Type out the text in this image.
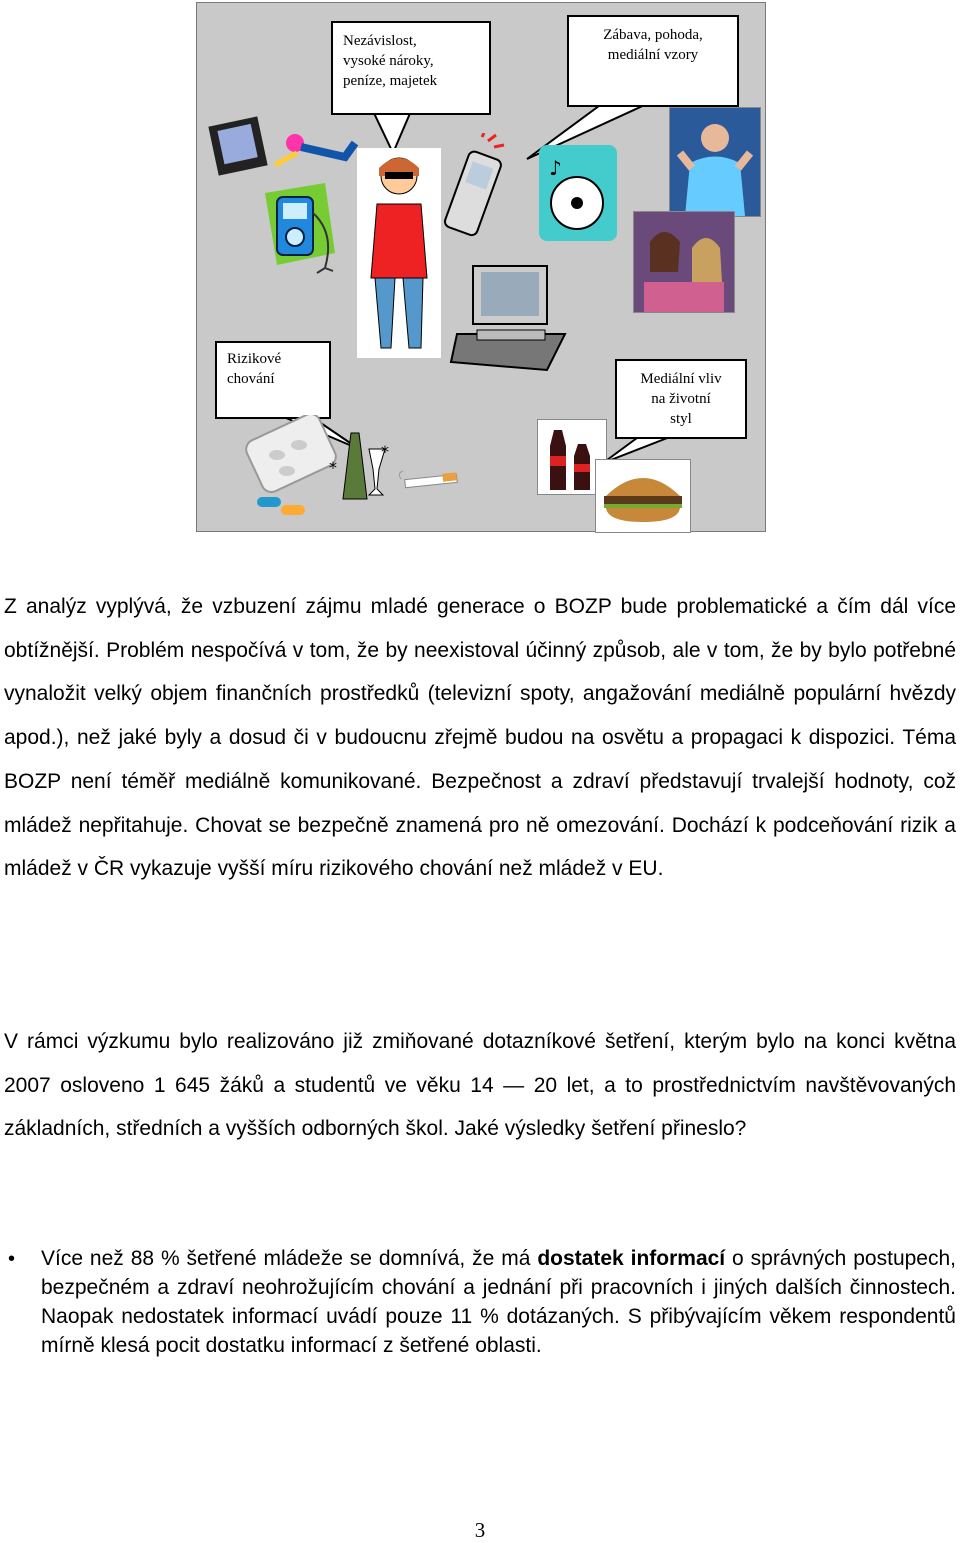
Nezávislost,
vysoké nároky,
peníze, majetek
Zábava, pohoda,
mediální vzory
Rizikové
chování	Mediální vliv
na životní
styl
♪
*
*

Z analýz vyplývá, že vzbuzení zájmu mladé generace o BOZP bude problematické a čím dál více obtížnější. Problém nespočívá v tom, že by neexistoval účinný způsob, ale v tom, že by bylo potřebné vynaložit velký objem finančních prostředků (televizní spoty, angažování mediálně populární hvězdy apod.), než jaké byly a dosud či v budoucnu zřejmě budou na osvětu a propagaci k dispozici. Téma BOZP není téměř mediálně komunikované. Bezpečnost a zdraví představují trvalejší hodnoty, což mládež nepřitahuje. Chovat se bezpečně znamená pro ně omezování. Dochází k podceňování rizik a mládež v ČR vykazuje vyšší míru rizikového chování než mládež v EU.

V rámci výzkumu bylo realizováno již zmiňované dotazníkové šetření, kterým bylo na konci května 2007 osloveno 1 645 žáků a studentů ve věku 14 — 20 let, a to prostřednictvím navštěvovaných základních, středních a vyšších odborných škol. Jaké výsledky šetření přineslo?

• Více než 88 % šetřené mládeže se domnívá, že má dostatek informací o správných postupech, bezpečném a zdraví neohrožujícím chování a jednání při pracovních i jiných dalších činnostech. Naopak nedostatek informací uvádí pouze 11 % dotázaných. S přibývajícím věkem respondentů mírně klesá pocit dostatku informací z šetřené oblasti.

3
